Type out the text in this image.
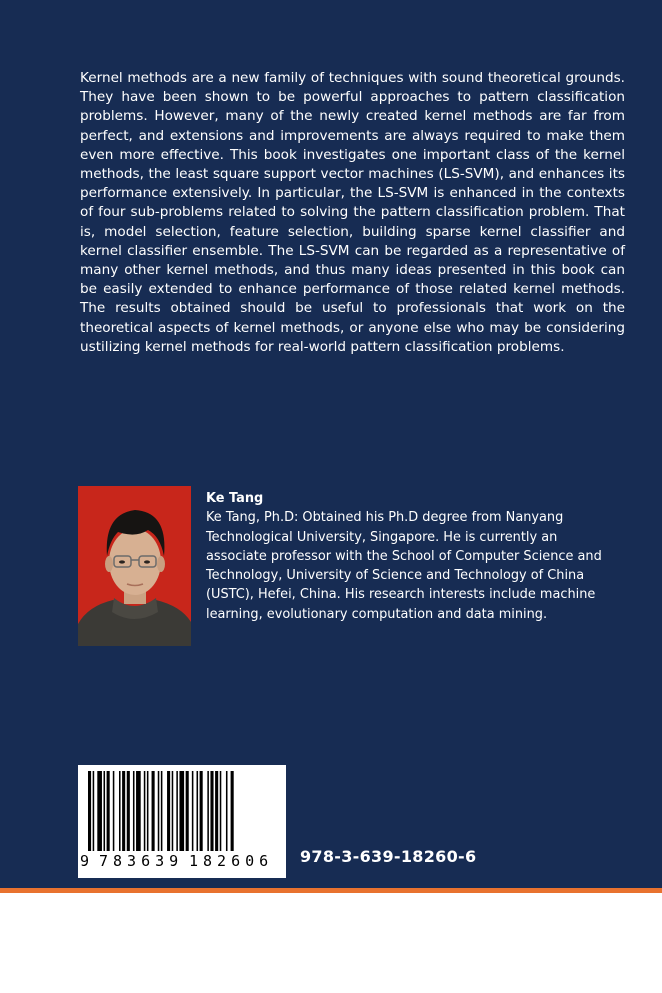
Kernel methods are a new family of techniques with sound theoretical grounds. They have been shown to be powerful approaches to pattern classification problems. However, many of the newly created kernel methods are far from perfect, and extensions and improvements are always required to make them even more effective. This book investigates one important class of the kernel methods, the least square support vector machines (LS-SVM), and enhances its performance extensively. In particular, the LS-SVM is enhanced in the contexts of four sub-problems related to solving the pattern classification problem. That is, model selection, feature selection, building sparse kernel classifier and kernel classifier ensemble. The LS-SVM can be regarded as a representative of many other kernel methods, and thus many ideas presented in this book can be easily extended to enhance performance of those related kernel methods. The results obtained should be useful to professionals that work on the theoretical aspects of kernel methods, or anyone else who may be considering ustilizing kernel methods for real-world pattern classification problems.

Ke Tang
Ke Tang, Ph.D: Obtained his Ph.D degree from Nanyang Technological University, Singapore. He is currently an associate professor with the School of Computer Science and Technology, University of Science and Technology of China (USTC), Hefei, China. His research interests include machine learning, evolutionary computation and data mining.
9 783639 182606 978-3-639-18260-6
